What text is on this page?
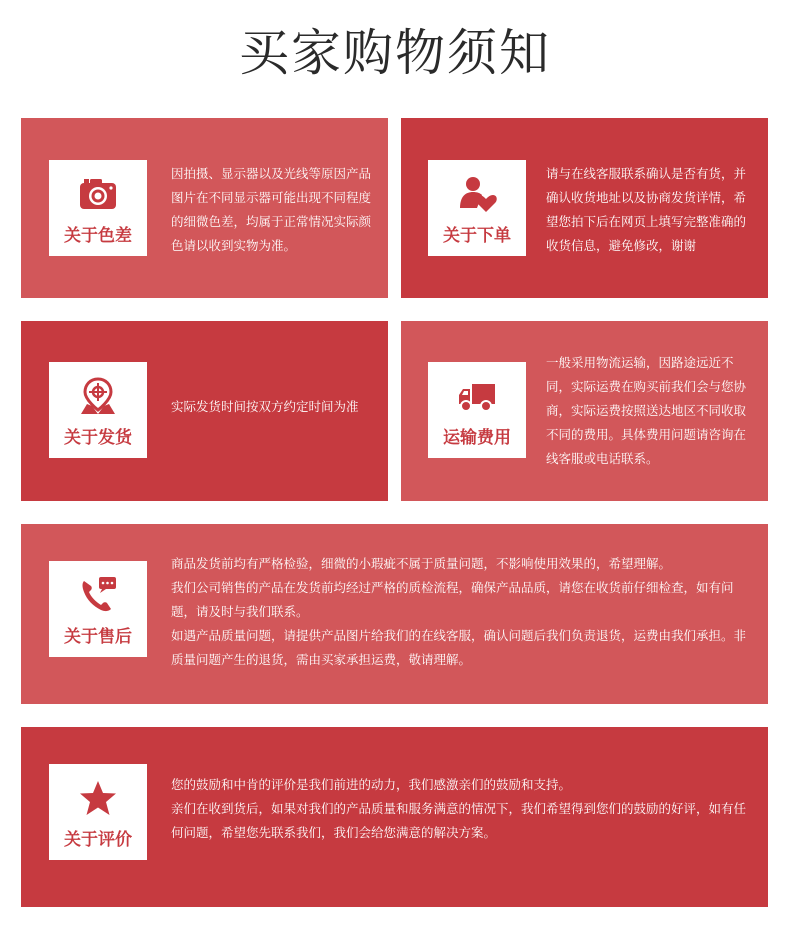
买家购物须知
关于色差
因拍摄、显示器以及光线等原因产品图片在不同显示器可能出现不同程度的细微色差，均属于正常情况实际颜色请以收到实物为准。	关于下单
请与在线客服联系确认是否有货，并确认收货地址以及协商发货详情，希望您拍下后在网页上填写完整准确的收货信息，避免修改，谢谢
关于发货
实际发货时间按双方约定时间为准
运输费用
一般采用物流运输，因路途远近不同，实际运费在购买前我们会与您协商，实际运费按照送达地区不同收取不同的费用。具体费用问题请咨询在线客服或电话联系。
关于售后

商品发货前均有严格检验，细微的小瑕疵不属于质量问题，不影响使用效果的，希望理解。

我们公司销售的产品在发货前均经过严格的质检流程，确保产品品质，请您在收货前仔细检查，如有问题，请及时与我们联系。

如遇产品质量问题，请提供产品图片给我们的在线客服，确认问题后我们负责退货，运费由我们承担。非质量问题产生的退货，需由买家承担运费，敬请理解。

关于评价

您的鼓励和中肯的评价是我们前进的动力，我们感激亲们的鼓励和支持。

亲们在收到货后，如果对我们的产品质量和服务满意的情况下，我们希望得到您们的鼓励的好评，如有任何问题，希望您先联系我们，我们会给您满意的解决方案。
